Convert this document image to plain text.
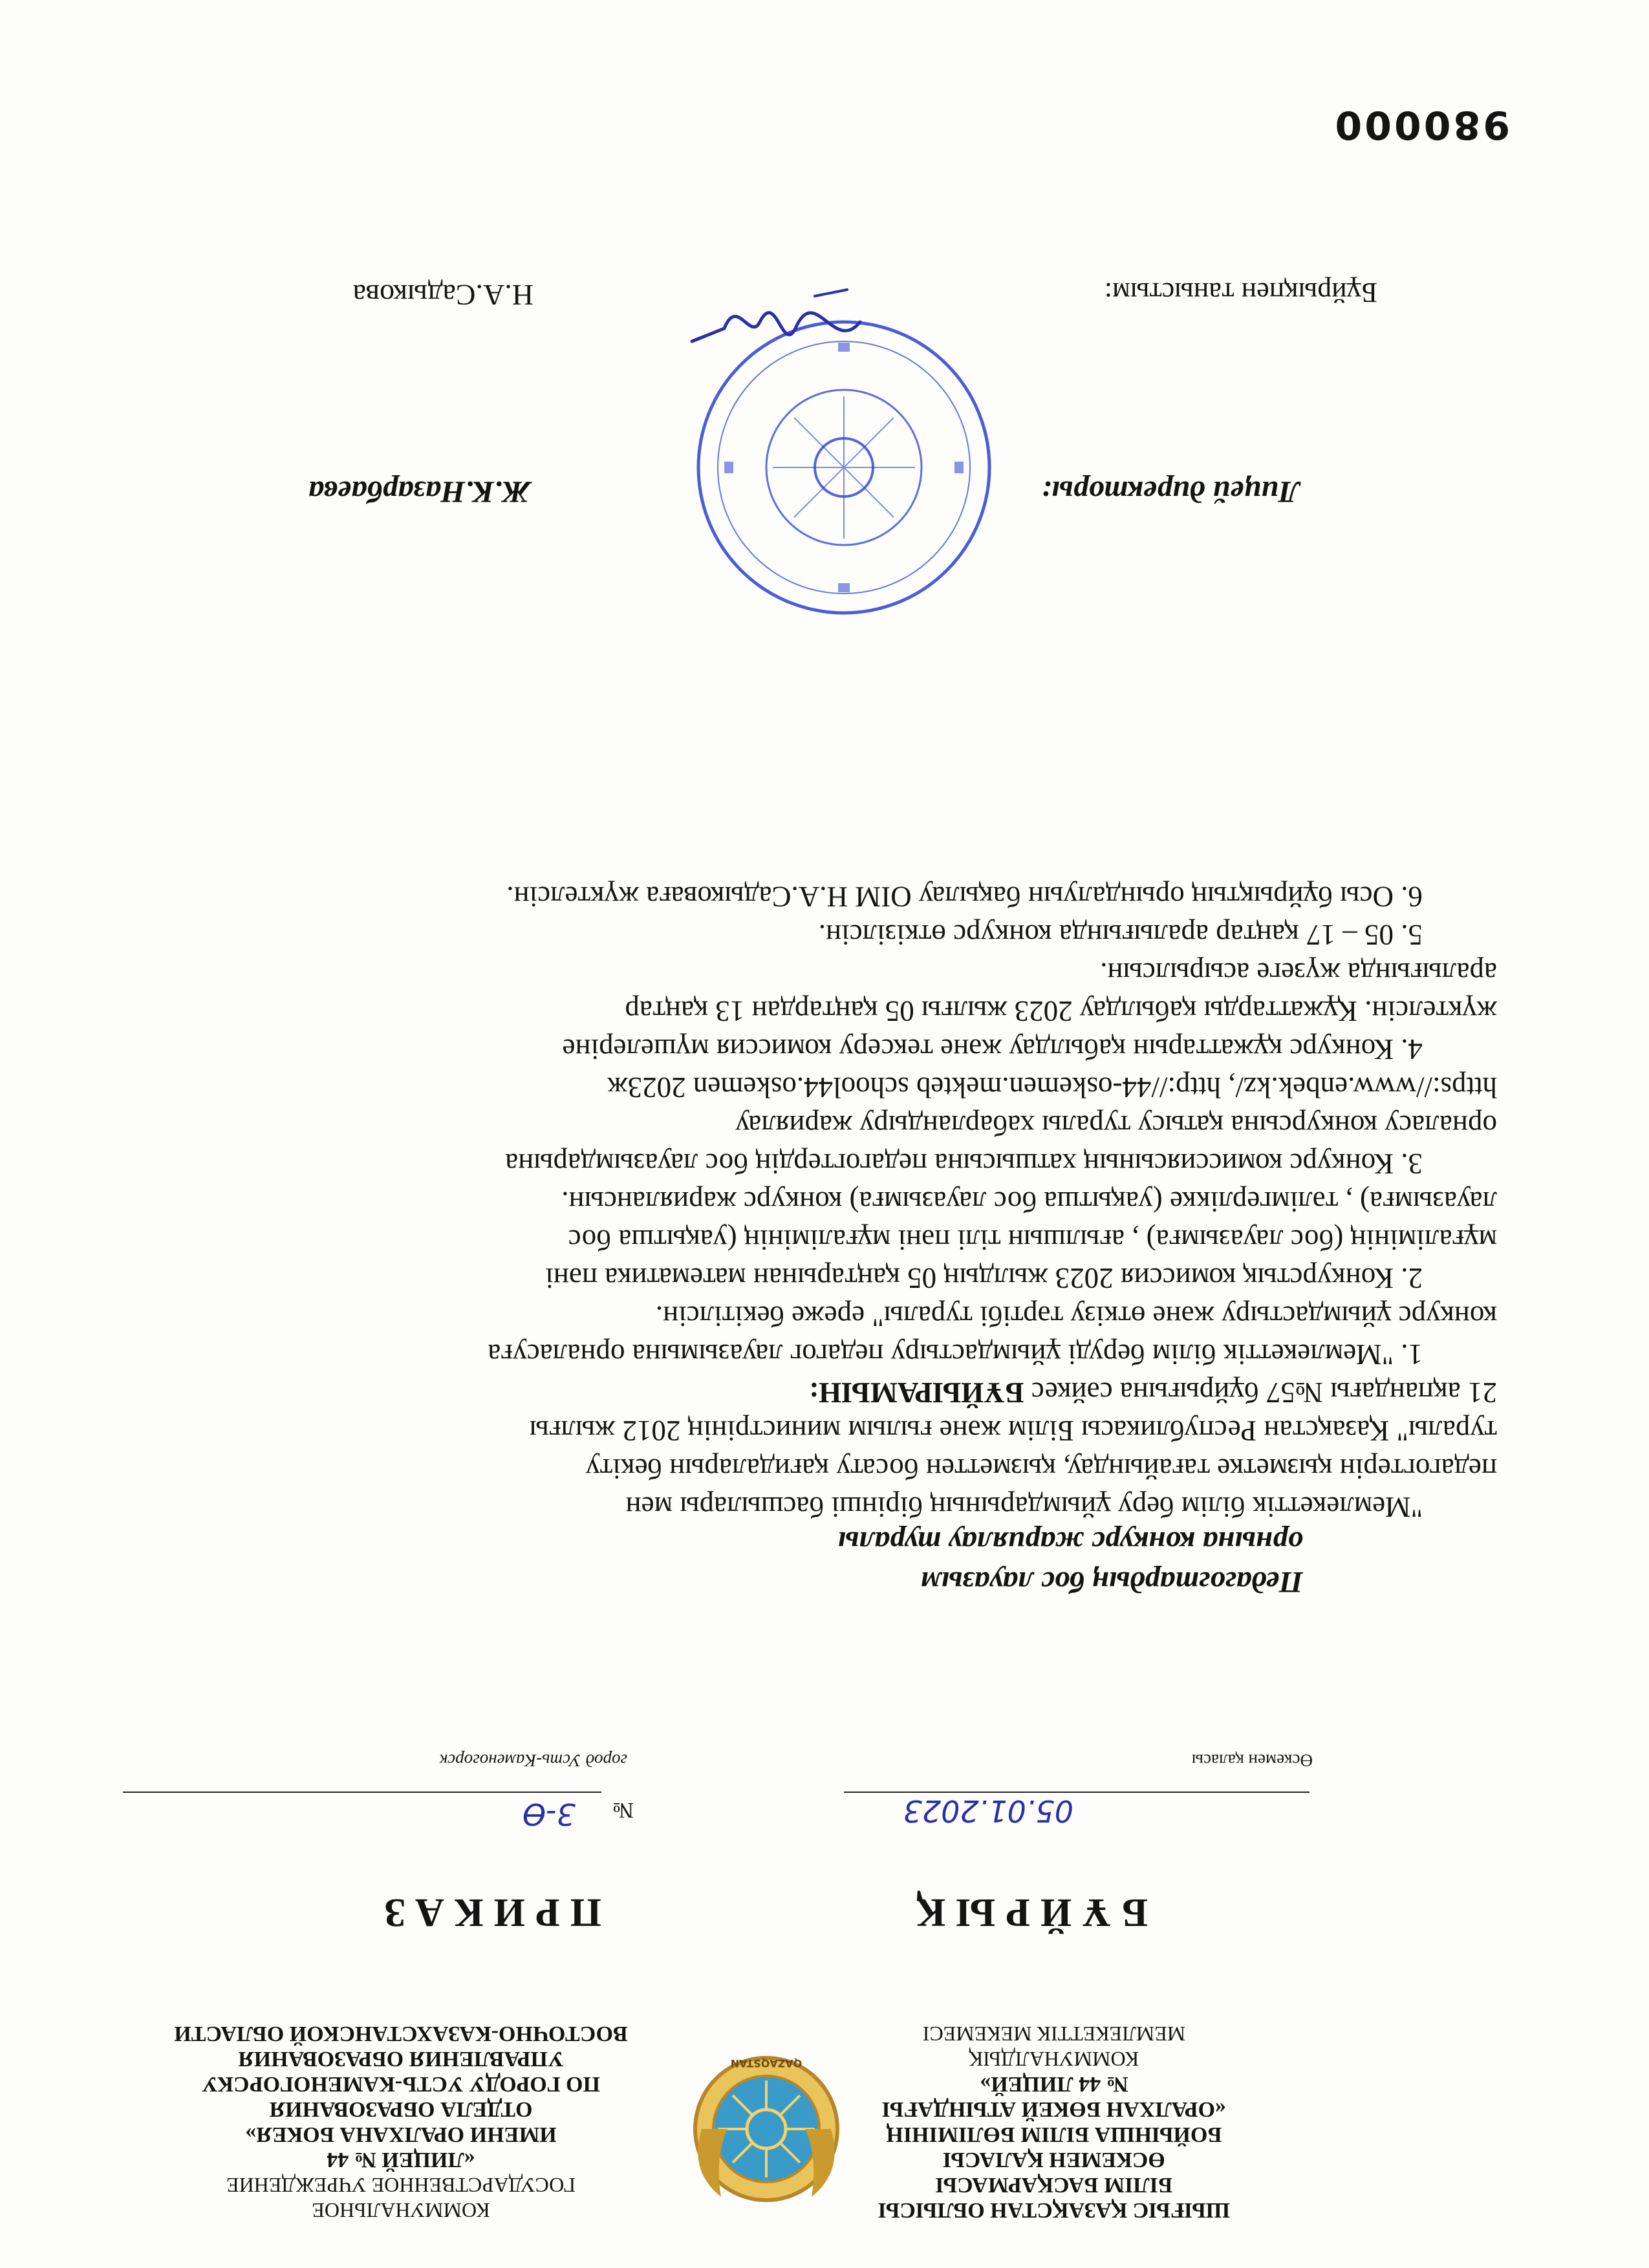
ШЫҒЫС ҚАЗАҚСТАН ОБЛЫСЫ
БІЛІМ БАСҚАРМАСЫ
ӨСКЕМЕН ҚАЛАСЫ
БОЙЫНША БІЛІМ БӨЛІМІНІҢ
«ОРАЛХАН БӨКЕЙ АТЫНДАҒЫ
№ 44 ЛИЦЕЙ»
КОММУНАЛДЫҚ
МЕМЛЕКЕТТІК МЕКЕМЕСІ
QAZAQSTAN
КОММУНАЛЬНОЕ
ГОСУДАРСТВЕННОЕ УЧРЕЖДЕНИЕ
«ЛИЦЕЙ № 44
ИМЕНИ ОРАЛХАНА БОКЕЯ»
ОТДЕЛА ОБРАЗОВАНИЯ
ПО ГОРОДУ УСТЬ-КАМЕНОГОРСКУ
УПРАВЛЕНИЯ ОБРАЗОВАНИЯ
ВОСТОЧНО-КАЗАХСТАНСКОЙ ОБЛАСТИ
БҰЙРЫҚ
ПРИКАЗ
05.01.2023
№
3-Ө
Өскемен қаласы
город Усть-Каменогорск
Педагогтардың бос лауазым
орнына конкурс жариялау туралы
"Мемлекеттік білім беру ұйымдарының бірінші басшылары мен
педагогтерін қызметке тағайындау, қызметтен босату қағидаларын бекіту
туралы" Қазақстан Республикасы Білім және ғылым министрінің 2012 жылғы
21 ақпандағы №57 бұйрығына сәйкес БҰЙЫРАМЫН:
1. "Мемлекеттік білім беруді ұйымдастыру педагог лауазымына орналасуға
конкурс ұйымдастыру және өткізу тәртібі туралы" ереже бекітілсін.
2. Конкурстық комиссия 2023 жылдың 05 қаңтарынан математика пәні
мұғалімінің (бос лауазымға) , ағылшын тілі пәні мұғалімінің (уақытша бос
лауазымға) , тәлімгерлікке (уақытша бос лауазымға) конкурс жариялансын.
3. Конкурс комиссиясының хатшысына педагогтердің бос лауазымдарына
орналасу конкурсына қатысу туралы хабарландыру жариялау
https://www.enbek.kz/, http://44-oskemen.mekteb school44.oskemen 2023ж
4. Конкурс құжаттарын қабылдау және тексеру комиссия мүшелеріне
жүктелсін. Құжаттарды қабылдау 2023 жылғы 05 қаңтардан 13 қаңтар
аралығында жүзеге асырылсын.
5. 05 – 17 қаңтар аралығында конкурс өткізілсін.
6. Осы бұйрықтың орындалуын бақылау ОІМ Н.А.Садыковаға жүктелсін.
Лицей директоры:
Ж.К.Назарбаева
Бұйрықпен таныстым:
Н.А.Садыкова
980000
